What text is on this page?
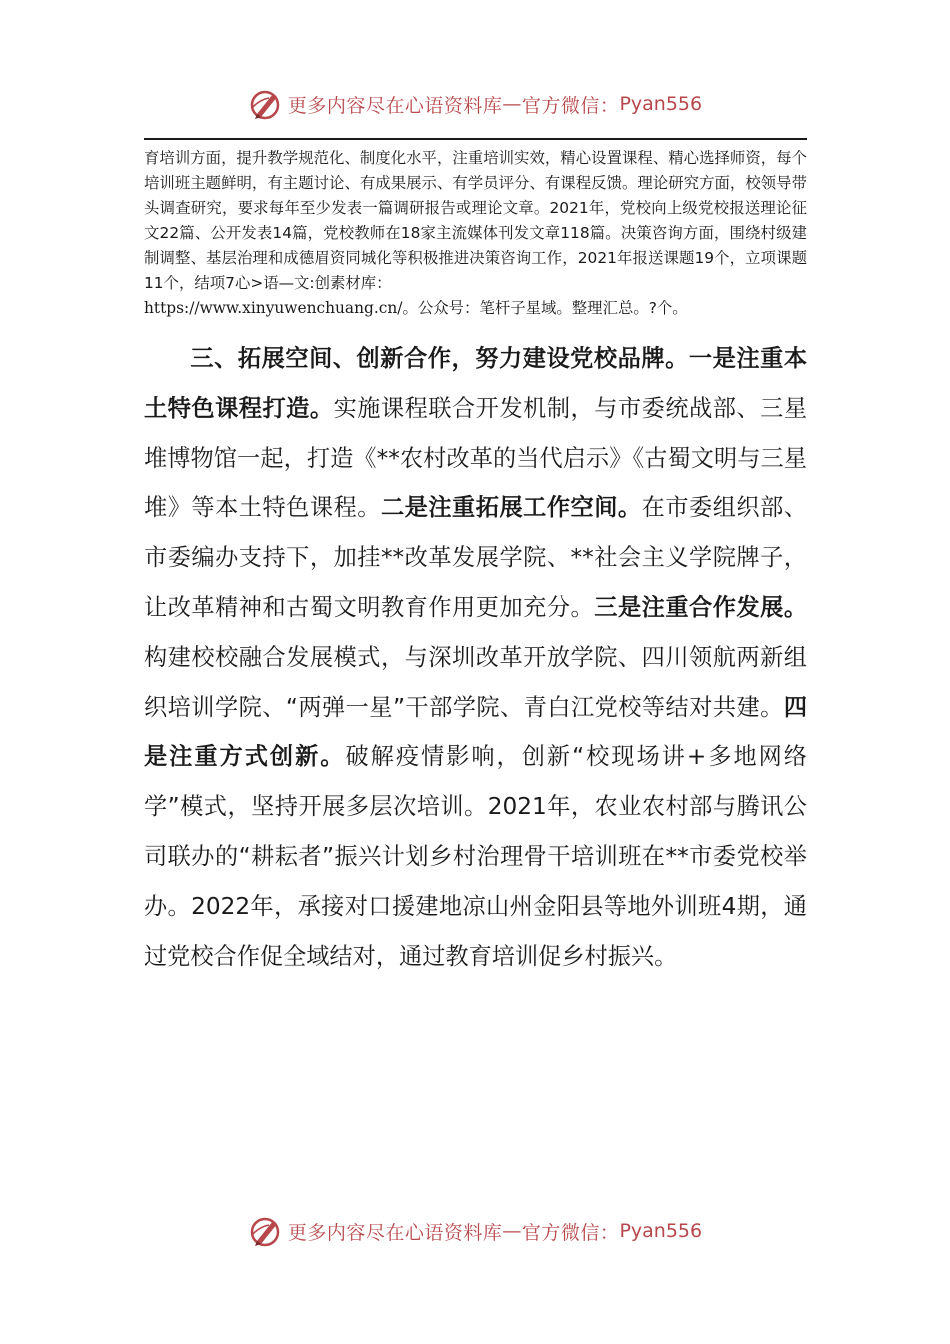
更多内容尽在心语资料库 — 官方微信： Pyan556

育培训方面，提升教学规范化、制度化水平，注重培训实效，精心设置课程、精心选择师资，每个培训班主题鲜明，有主题讨论、有成果展示、有学员评分、有课程反馈。理论研究方面，校领导带头调查研究，要求每年至少发表一篇调研报告或理论文章。2021年，党校向上级党校报送理论征文22篇、公开发表14篇，党校教师在18家主流媒体刊发文章118篇。决策咨询方面，围绕村级建制调整、基层治理和成德眉资同城化等积极推进决策咨询工作，2021年报送课题19个，立项课题11个，结项7心>语—文:创素材库：
https://www.xinyuwenchuang.cn/。公众号：笔杆子星域。整理汇总。?个。

三、拓展空间、创新合作，努力建设党校品牌。一是注重本土特色课程打造。实施课程联合开发机制，与市委统战部、三星堆博物馆一起，打造《**农村改革的当代启示》《古蜀文明与三星堆》等本土特色课程。二是注重拓展工作空间。在市委组织部、市委编办支持下，加挂**改革发展学院、**社会主义学院牌子，让改革精神和古蜀文明教育作用更加充分。三是注重合作发展。构建校校融合发展模式，与深圳改革开放学院、四川领航两新组织培训学院、“两弹一星”干部学院、青白江党校等结对共建。四是注重方式创新。破解疫情影响，创新“校现场讲+多地网络学”模式，坚持开展多层次培训。2021年，农业农村部与腾讯公司联办的“耕耘者”振兴计划乡村治理骨干培训班在**市委党校举办。2022年，承接对口援建地凉山州金阳县等地外训班4期，通过党校合作促全域结对，通过教育培训促乡村振兴。

更多内容尽在心语资料库 — 官方微信： Pyan556
